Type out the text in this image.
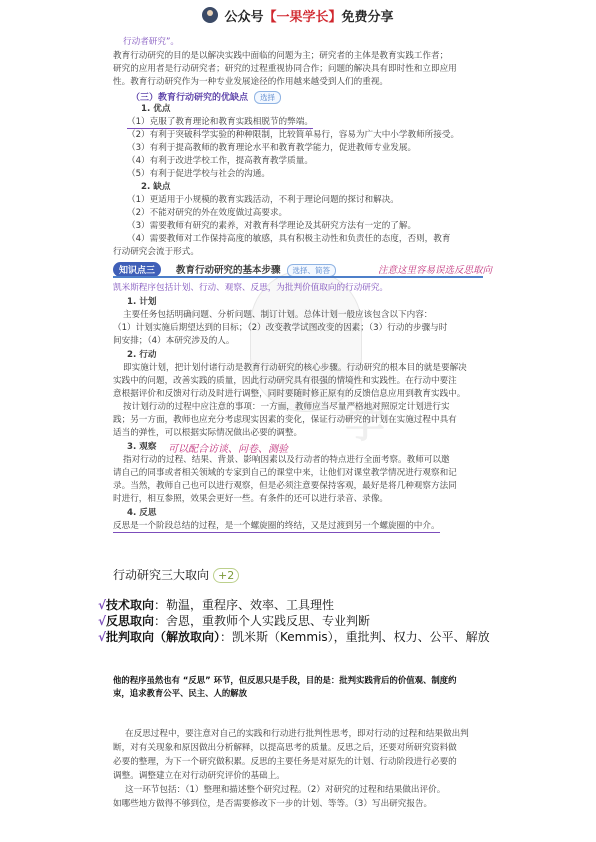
公众号 【一果学长】 免费分享
学
行动者研究”。
教育行动研究的目的是以解决实践中面临的问题为主；研究者的主体是教育实践工作者；
研究的应用者是行动研究者；研究的过程重视协同合作；问题的解决具有即时性和立即应用
性。教育行动研究作为一种专业发展途径的作用越来越受到人们的重视。
（三）教育行动研究的优缺点 选择
1. 优点
（1）克服了教育理论和教育实践相脱节的弊端。
（2）有利于突破科学实验的种种限制，比较简单易行，容易为广大中小学教师所接受。
（3）有利于提高教师的教育理论水平和教育教学能力，促进教师专业发展。
（4）有利于改进学校工作，提高教育教学质量。
（5）有利于促进学校与社会的沟通。
2. 缺点
（1）更适用于小规模的教育实践活动，不利于理论问题的探讨和解决。
（2）不能对研究的外在效度做过高要求。
（3）需要教师有研究的素养，对教育科学理论及其研究方法有一定的了解。
（4）需要教师对工作保持高度的敏感，具有积极主动性和负责任的态度，否则，教育
行动研究会流于形式。
知识点三	教育行动研究的基本步骤 选择、简答	注意这里容易误选反思取向
凯米斯程序包括计划、行动、观察、反思，为批判价值取向的行动研究。
1. 计划
主要任务包括明确问题、分析问题、制订计划。总体计划一般应该包含以下内容：
（1）计划实施后期望达到的目标；（2）改变教学试图改变的因素；（3）行动的步骤与时
间安排；（4）本研究涉及的人。
2. 行动
即实施计划，把计划付诸行动是教育行动研究的核心步骤。行动研究的根本目的就是要解决
实践中的问题，改善实践的质量，因此行动研究具有很强的情境性和实践性。在行动中要注
意根据评价和反馈对行动及时进行调整，同时要随时修正原有的反馈信息应用到教育实践中。
按计划行动的过程中应注意的事项：一方面，教师应当尽量严格地对照原定计划进行实
践；另一方面，教师也应充分考虑现实因素的变化，保证行动研究的计划在实施过程中具有
适当的弹性，可以根据实际情况做出必要的调整。
3. 观察 可以配合访谈、问卷、测验
指对行动的过程、结果、背景、影响因素以及行动者的特点进行全面考察。教师可以邀
请自己的同事或者相关领域的专家到自己的课堂中来，让他们对课堂教学情况进行观察和记
录。当然，教师自己也可以进行观察，但是必须注意要保持客观，最好是将几种观察方法同
时进行，相互参照，效果会更好一些。有条件的还可以进行录音、录像。
4. 反思
反思是一个阶段总结的过程，是一个螺旋圈的终结，又是过渡到另一个螺旋圈的中介。
行动研究三大取向 +2
√技术取向：勒温，重程序、效率、工具理性
√反思取向：舍恩，重教师个人实践反思、专业判断
√批判取向（解放取向）：凯米斯（Kemmis），重批判、权力、公平、解放
他的程序虽然也有 “反思” 环节，但反思只是手段，目的是：批判实践背后的价值观、制度约
束，追求教育公平、民主、人的解放
在反思过程中，要注意对自己的实践和行动进行批判性思考，即对行动的过程和结果做出判
断，对有关现象和原因做出分析解释，以提高思考的质量。反思之后，还要对所研究资料做
必要的整理，为下一个研究做积累。反思的主要任务是对原先的计划、行动阶段进行必要的
调整。调整建立在对行动研究评价的基础上。
这一环节包括：（1）整理和描述整个研究过程。（2）对研究的过程和结果做出评价。
如哪些地方做得不够到位，是否需要修改下一步的计划、等等。（3）写出研究报告。
